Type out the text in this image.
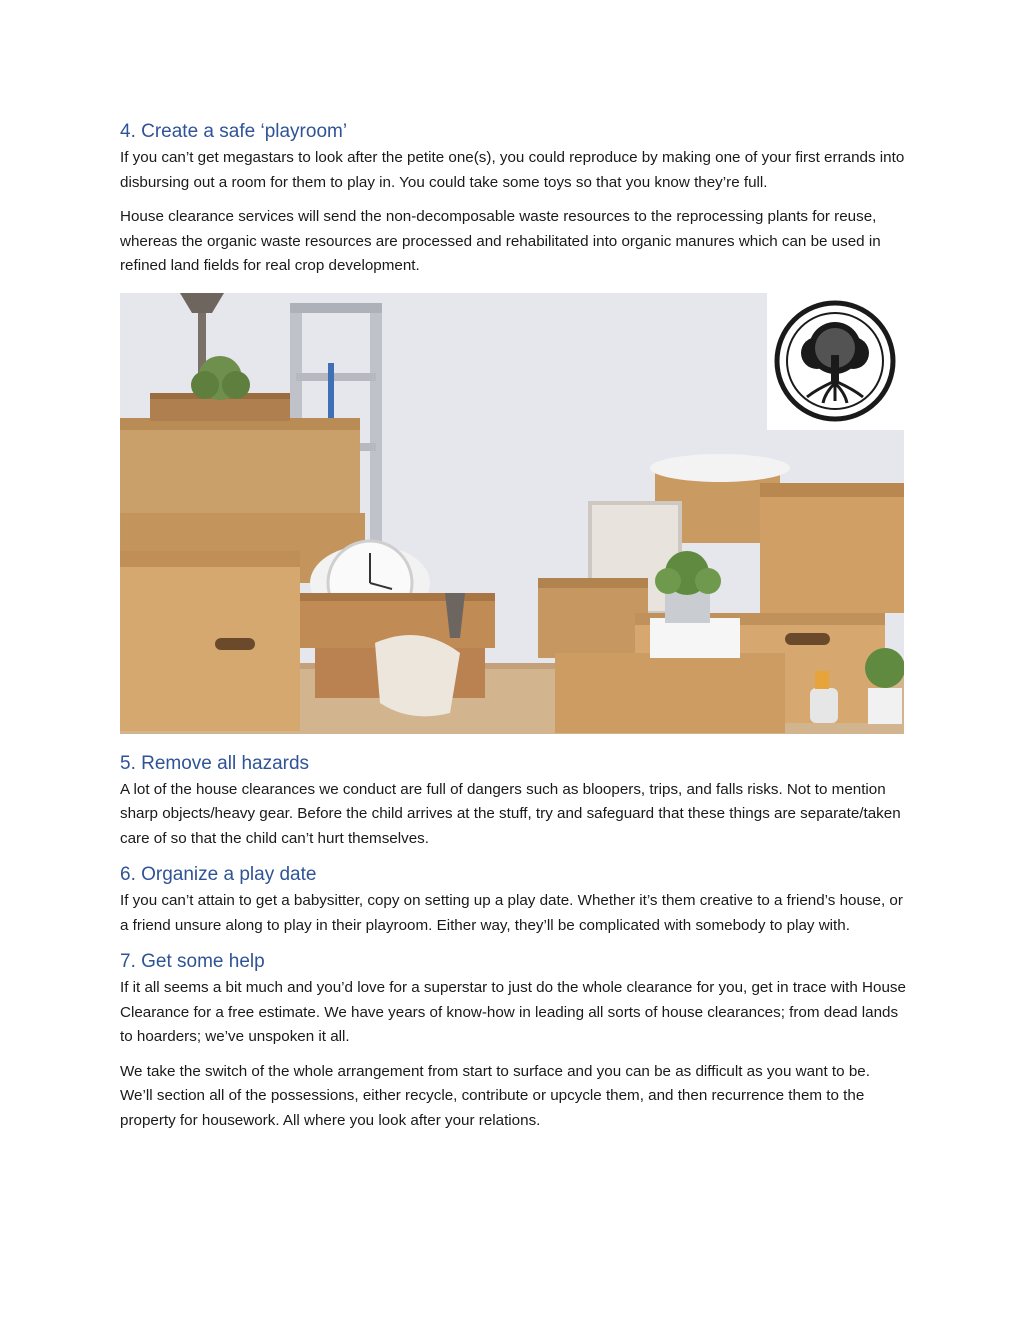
4. Create a safe ‘playroom’

If you can’t get megastars to look after the petite one(s), you could reproduce by making one of your first errands into disbursing out a room for them to play in. You could take some toys so that you know they’re full.

House clearance services will send the non-decomposable waste resources to the reprocessing plants for reuse, whereas the organic waste resources are processed and rehabilitated into organic manures which can be used in refined land fields for real crop development.

5. Remove all hazards

A lot of the house clearances we conduct are full of dangers such as bloopers, trips, and falls risks. Not to mention sharp objects/heavy gear. Before the child arrives at the stuff, try and safeguard that these things are separate/taken care of so that the child can’t hurt themselves.

6. Organize a play date

If you can’t attain to get a babysitter, copy on setting up a play date. Whether it’s them creative to a friend’s house, or a friend unsure along to play in their playroom. Either way, they’ll be complicated with somebody to play with.

7. Get some help

If it all seems a bit much and you’d love for a superstar to just do the whole clearance for you, get in trace with House Clearance for a free estimate. We have years of know-how in leading all sorts of house clearances; from dead lands to hoarders; we’ve unspoken it all.

We take the switch of the whole arrangement from start to surface and you can be as difficult as you want to be. We’ll section all of the possessions, either recycle, contribute or upcycle them, and then recurrence them to the property for housework. All where you look after your relations.
